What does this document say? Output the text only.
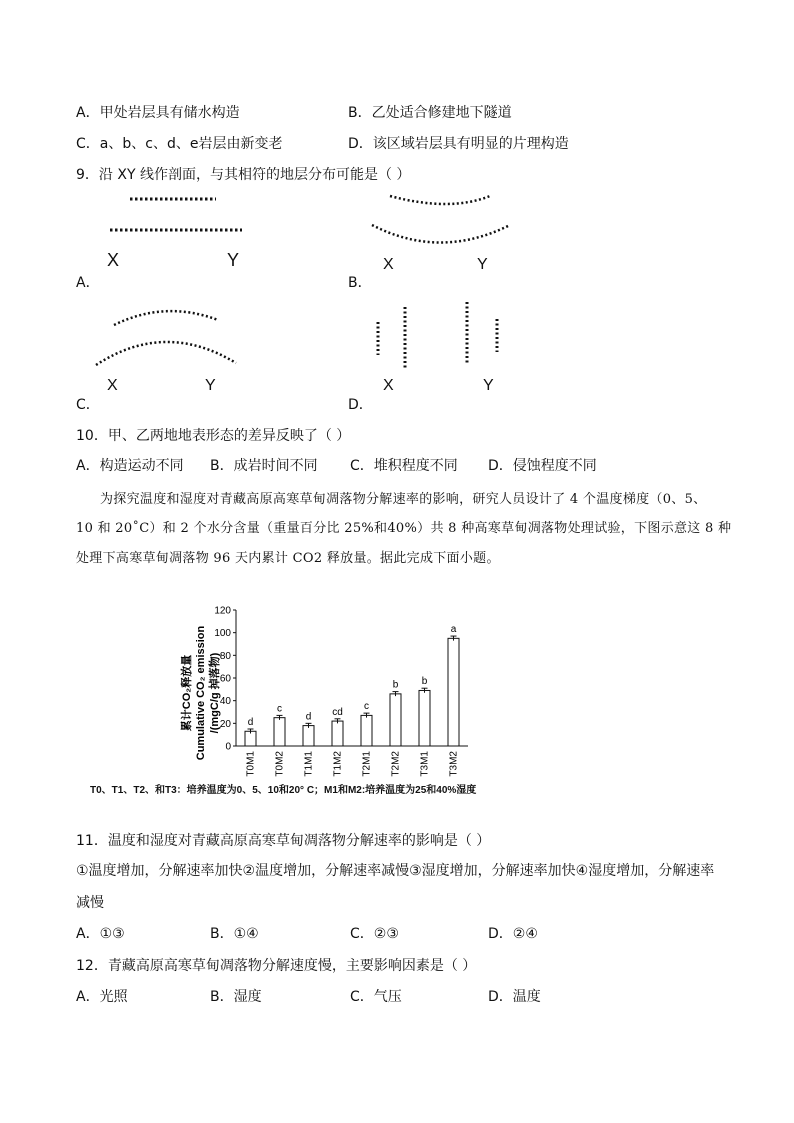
A．甲处岩层具有储水构造	B．乙处适合修建地下隧道
C．a、b、c、d、e岩层由新变老	D．该区域岩层具有明显的片理构造
9．沿 XY 线作剖面，与其相符的地层分布可能是（ ）
X	Y
A．
X	Y
B．
X	Y
C．
X	Y
D．
10．甲、乙两地地表形态的差异反映了（ ）
A．构造运动不同 B．成岩时间不同 C．堆积程度不同 D．侵蚀程度不同
为探究温度和湿度对青藏高原高寒草甸凋落物分解速率的影响，研究人员设计了 4 个温度梯度（0、5、
10 和 20˚C）和 2 个水分含量（重量百分比 25%和40%）共 8 种高寒草甸凋落物处理试验，下图示意这 8 种
处理下高寒草甸凋落物 96 天内累计 CO2 释放量。据此完成下面小题。
累计CO₂释放量 Cumulative CO₂ emission /(mgC/g 掉落物)
0
20
40
60
80
100
120
d
T0M1
c
T0M2
d
T1M1
cd
T1M2
c
T2M1
b
T2M2
b
T3M1
a
T3M2
T0、T1、T2、和T3：培养温度为0、5、10和20° C；M1和M2:培养温度为25和40%湿度
11．温度和湿度对青藏高原高寒草甸凋落物分解速率的影响是（ ）
①温度增加，分解速率加快②温度增加，分解速率减慢③湿度增加，分解速率加快④湿度增加，分解速率
减慢
A．①③	B．①④	C．②③	D．②④
12．青藏高原高寒草甸凋落物分解速度慢，主要影响因素是（ ）
A．光照	B．湿度	C．气压	D．温度
